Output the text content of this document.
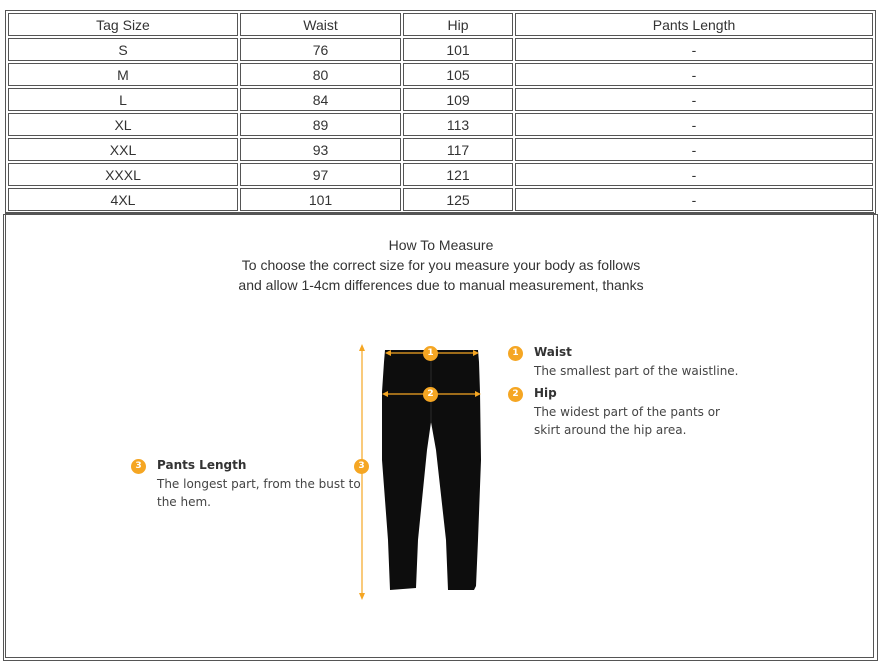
Tag Size	Waist	Hip	Pants Length
S	76	101	-
M	80	105	-
L	84	109	-
XL	89	113	-
XXL	93	117	-
XXXL	97	121	-
4XL	101	125	-
How To Measure
To choose the correct size for you measure your body as follows
and allow 1-4cm differences due to manual measurement, thanks
1
2
3
1	Waist
The smallest part of the waistline.
2	Hip
The widest part of the pants or
skirt around the hip area.
3	Pants Length
The longest part, from the bust to
the hem.
